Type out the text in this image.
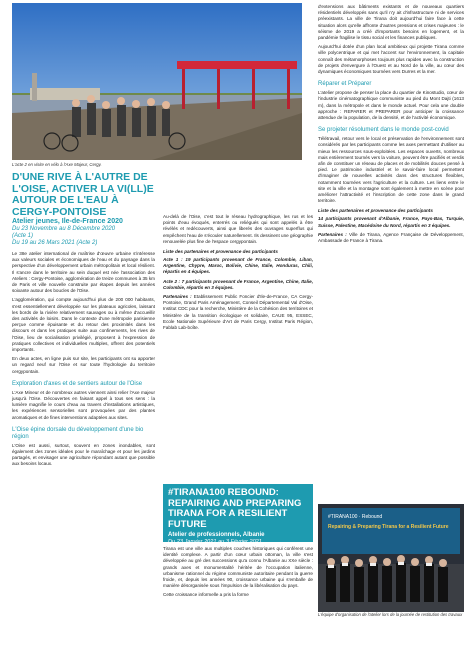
L'acte 2 en visite en vélo à l'Axe Majeur, Cergy.
D'UNE RIVE À L'AUTRE DE L'OISE, ACTIVER LA VI(LL)E AUTOUR DE L'EAU À CERGY-PONTOISE
Atelier jeunes, Ile-de-France 2020
Du 23 Novembre au 8 Décembre 2020
(Acte 1)
Du 19 au 26 Mars 2021 (Acte 2)

Le 38e atelier international de maîtrise d'œuvre urbaine s'intéresse aux valeurs sociales et économiques de l'eau et du paysage dans la perspective d'un développement urbain métropolitain et local résilient. Il s'ancre dans le territoire au sein duquel est née l'association des Ateliers : Cergy-Pontoise, agglomération de treize communes à 35 km de Paris et ville nouvelle construite par étapes depuis les années soixante autour des boucles de l'Oise.

L'agglomération, qui compte aujourd'hui plus de 200 000 habitants, s'est essentiellement développée sur les plateaux agricoles, laissant les bords de la rivière relativement sauvages ou à même d'accueillir des activités de loisirs. Dans le contexte d'une métropole parisienne perçue comme épuisante et du retour des proximités dans les discours et dans les pratiques suite aux confinements, les rives de l'Oise, lieu de socialisation privilégié, proposent à l'expression de pratiques collectives et individuelles multiples, offrent des potentiels importants.

En deux actes, en ligne puis sur site, les participants ont su apporter un regard neuf sur l'Oise et sur toute l'hydrologie du territoire cergypontain.

Exploration d'axes et de sentiers autour de l'Oise

L'Axe Mineur et de nombreux autres viennent ainsi relier l'Axe majeur jusqu'à l'Oise. Découvertes en faisant appel à tous ses sens : la lumière magnifie le cours d'eau au travers d'installations artistiques, les expériences sensorielles sont provoquées par des plantes aromatiques et de fines interventions adaptées aux sites.

L'Oise épine dorsale du développement d'une bio région

L'Oise est aussi, surtout, souvent en zones inondables, sont également des zones idéales pour le maraîchage et pour les jardins partagés, et envisager une agriculture répondant autant que possible aux besoins locaux.

Au-delà de l'Oise, c'est tout le réseau hydrographique, les rus et les points d'eau évoqués, enterrés ou reliégués qui sont appelés à être révélés et redécouverts, ainsi que liberés des ouvrages superflus qui empêchent l'eau de s'écouler naturellement. Ils dessinent une géographie renouvelée plus fine de l'espace cergypontain.

Liste des partenaires et provenance des participants

Acte 1 : 19 participants provenant de France, Colombie, Liban, Argentine, Chypre, Maroc, Bolivie, Chine, Italie, Honduras, Chili, répartis en 4 équipes.

Acte 2 : 7 participants provenant de France, Argentine, Chine, Italie, Colombie, répartis en 3 équipes.

Partenaires : Etablissement Public Foncier d'Ile-de-France, CA Cergy-Pontoise, Grand Paris Aménagement, Conseil Départemental Val d'Oise, Institut CDC pour la recherche, Ministère de la Cohésion des territoires et Ministère de la transition écologique et solidaire, CAUE 95, ESSEC, Ecole Nationale Supérieure d'Art de Paris Cergy, Institut Paris Région, Fablab Lab-boîte.

#TIRANA100 REBOUND: REPAIRING AND PREPARING TIRANA FOR A RESILIENT FUTURE
Atelier de professionnels, Albanie
Du 23 Janvier 2021 au 3 Février 2021

Tirana est une ville aux multiples couches historiques qui confèrent une identité complexe. A partir d'un cœur urbain ottoman, la ville s'est développée au gré des successions qu'a connu l'Albanie au XXe siècle : grands axes et monumentalité héritée de l'occupation italienne, urbanisme rationnel du régime communiste autoritaire pendant la guerre froide, et, depuis les années 90, croissance urbaine qui s'emballe de manière désorganisée sous l'impulsion de la libéralisation du pays.

Cette croissance informelle a pris la forme

d'extensions aux bâtiments existants et de nouveaux quartiers résidentiels développés sans qu'il n'y ait d'infrastructure ni de services préexistants. La ville de Tirana doit aujourd'hui faire face à cette situation alors qu'elle affronte d'autres pressions et crises majeures : le séisme de 2019 a créé d'importants besoins en logement, et la pandémie fragilise le tissu social et les finances publiques.

Aujourd'hui dotée d'un plan local ambitieux qui projette Tirana comme ville polycentrique et qui met l'accent sur l'environnement, la capitale connaît des métamorphoses toujours plus rapides avec la construction de projets d'envergure à l'Ouest et au Nord de la ville, au cœur des dynamiques économiques tournées vers Durres et la mer.

Réparer et Préparer

L'atelier propose de penser la place du quartier de Kinostudio, cœur de l'industrie cinématographique communiste au pied du Mont Dajti (1613 m), dans la métropole et dans le monde actuel. Pour cela une double approche : REPARER et PREPARER pour anticiper la croissance attendue de la population, de la densité, et de l'activité économique.

Se projeter résolument dans le monde post-covid

Télétravail, retour vers le local et préservation de l'environnement sont considérés par les participants comme les axes permettant d'utiliser au mieux les ressources sous-exploitées. Les espaces ouverts, nombreux mais entièrement tournés vers la voiture, peuvent être pacifiés et verdis afin de constituer un réseau de places et de mobilités douces pensé à pied. Le patrimoine industriel et le savoir-faire local permettent d'imaginer de nouvelles activités dans des structures flexibles, notamment tournées vers l'agriculture et la culture. Les liens entre le site et la ville et la montagne sont également à mettre en scène pour améliorer l'attractivité et l'inscription de cette zone dans le grand territoire.

Liste des partenaires et provenance des participants

14 participants provenant d'Albanie, France, Pays-Bas, Turquie, Suisse, Palestine, Macédoine du Nord, répartis en 3 équipes.

Partenaires : Ville de Tirana, Agence Française de Développement, Ambassade de France à Tirana.

#TIRANA100 · Rebound
Repairing & Preparing Tirana for a Resilient Future
L'équipe d'organisation de l'atelier lors de la journée de restitution des travaux
